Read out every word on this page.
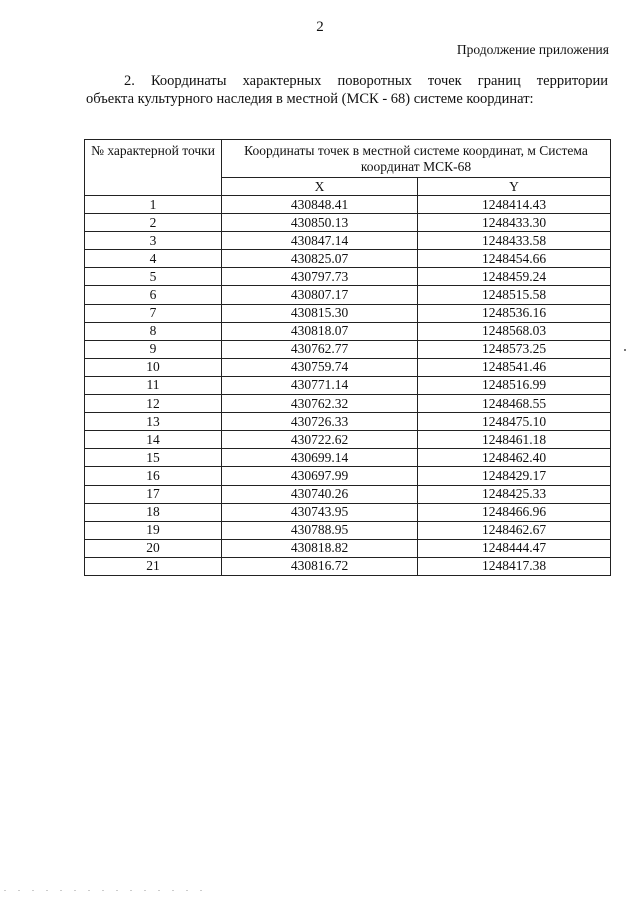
2
Продолжение приложения
2. Координаты характерных поворотных точек границ территории
объекта культурного наследия в местной (МСК - 68) системе координат:
№ характерной точки	Координаты точек в местной системе координат, м Система координат МСК-68	
	X	Y
1	430848.41	1248414.43
2	430850.13	1248433.30
3	430847.14	1248433.58
4	430825.07	1248454.66
5	430797.73	1248459.24
6	430807.17	1248515.58
7	430815.30	1248536.16
8	430818.07	1248568.03
9	430762.77	1248573.25
10	430759.74	1248541.46
11	430771.14	1248516.99
12	430762.32	1248468.55
13	430726.33	1248475.10
14	430722.62	1248461.18
15	430699.14	1248462.40
16	430697.99	1248429.17
17	430740.26	1248425.33
18	430743.95	1248466.96
19	430788.95	1248462.67
20	430818.82	1248444.47
21	430816.72	1248417.38
